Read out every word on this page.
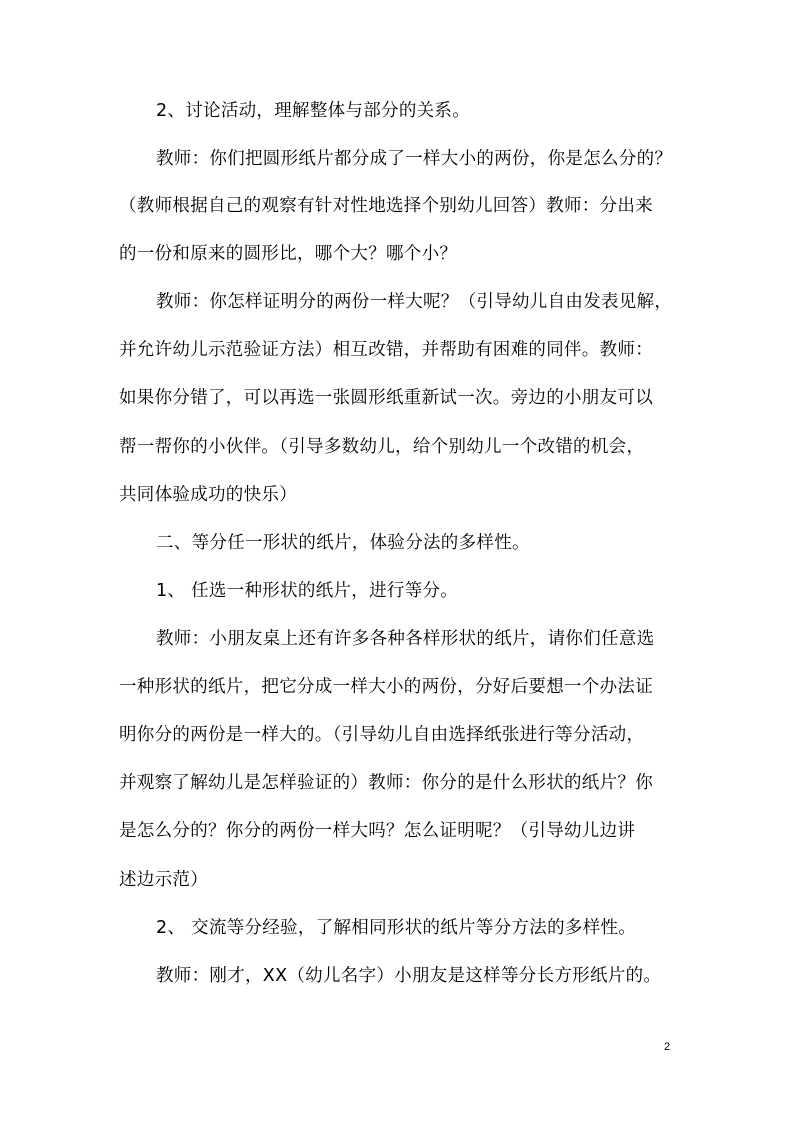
2、讨论活动，理解整体与部分的关系。
教师：你们把圆形纸片都分成了一样大小的两份，你是怎么分的？
（教师根据自己的观察有针对性地选择个别幼儿回答）教师：分出来
的一份和原来的圆形比，哪个大？哪个小？
教师：你怎样证明分的两份一样大呢？（引导幼儿自由发表见解，
并允许幼儿示范验证方法）相互改错，并帮助有困难的同伴。教师：
如果你分错了，可以再选一张圆形纸重新试一次。旁边的小朋友可以
帮一帮你的小伙伴。（引导多数幼儿，给个别幼儿一个改错的机会，
共同体验成功的快乐）
二、等分任一形状的纸片，体验分法的多样性。
1、 任选一种形状的纸片，进行等分。
教师：小朋友桌上还有许多各种各样形状的纸片，请你们任意选
一种形状的纸片，把它分成一样大小的两份，分好后要想一个办法证
明你分的两份是一样大的。（引导幼儿自由选择纸张进行等分活动，
并观察了解幼儿是怎样验证的）教师：你分的是什么形状的纸片？你
是怎么分的？你分的两份一样大吗？怎么证明呢？（引导幼儿边讲
述边示范）
2、 交流等分经验，了解相同形状的纸片等分方法的多样性。
教师：刚才，XX（幼儿名字）小朋友是这样等分长方形纸片的。
2
